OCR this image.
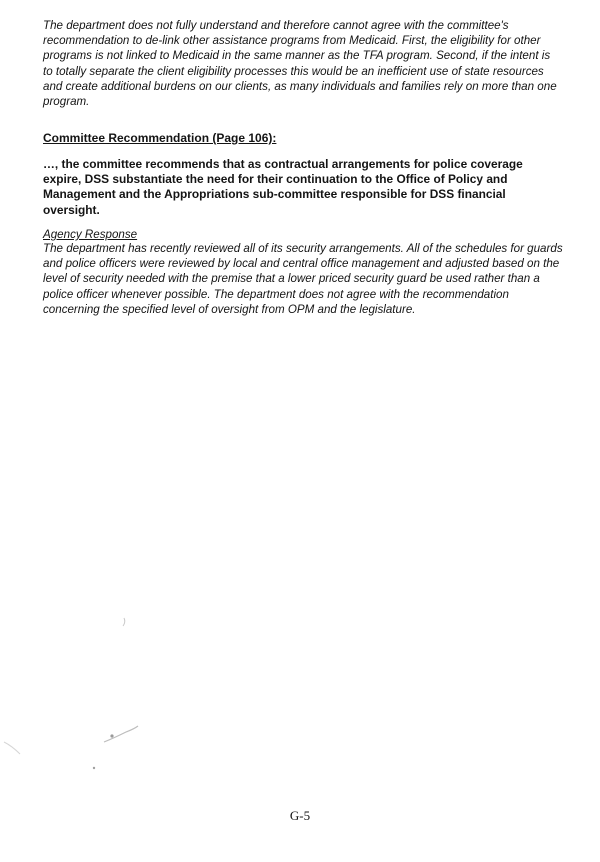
The department does not fully understand and therefore cannot agree with the committee's recommendation to de-link other assistance programs from Medicaid. First, the eligibility for other programs is not linked to Medicaid in the same manner as the TFA program. Second, if the intent is to totally separate the client eligibility processes this would be an inefficient use of state resources and create additional burdens on our clients, as many individuals and families rely on more than one program.

Committee Recommendation (Page 106):

…, the committee recommends that as contractual arrangements for police coverage expire, DSS substantiate the need for their continuation to the Office of Policy and Management and the Appropriations sub-committee responsible for DSS financial oversight.

Agency Response

The department has recently reviewed all of its security arrangements. All of the schedules for guards and police officers were reviewed by local and central office management and adjusted based on the level of security needed with the premise that a lower priced security guard be used rather than a police officer whenever possible. The department does not agree with the recommendation concerning the specified level of oversight from OPM and the legislature.

G-5
